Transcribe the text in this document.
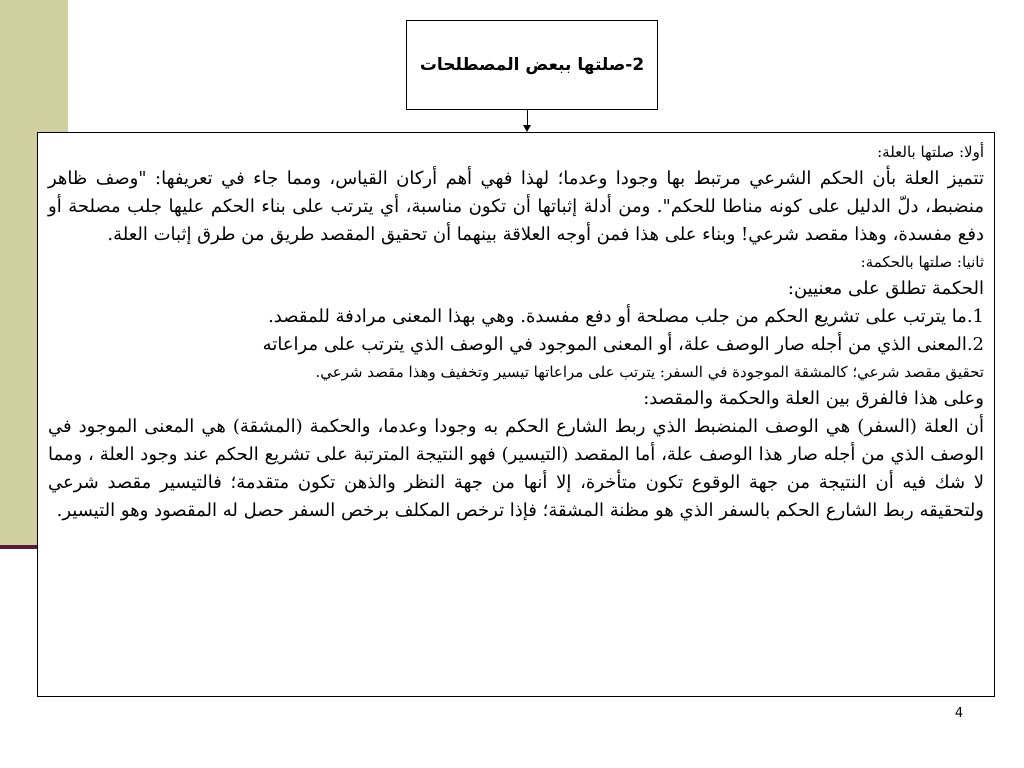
2-صلتها ببعض المصطلحات

أولا: صلتها بالعلة:

تتميز العلة بأن الحكم الشرعي مرتبط بها وجودا وعدما؛ لهذا فهي أهم أركان القياس، ومما جاء في تعريفها: "وصف ظاهر منضبط، دلّ الدليل على كونه مناطا للحكم". ومن أدلة إثباتها أن تكون مناسبة، أي يترتب على بناء الحكم عليها جلب مصلحة أو دفع مفسدة، وهذا مقصد شرعي! وبناء على هذا فمن أوجه العلاقة بينهما أن تحقيق المقصد طريق من طرق إثبات العلة.

ثانيا: صلتها بالحكمة:

الحكمة تطلق على معنيين:

1.ما يترتب على تشريع الحكم من جلب مصلحة أو دفع مفسدة. وهي بهذا المعنى مرادفة للمقصد.

2.المعنى الذي من أجله صار الوصف علة، أو المعنى الموجود في الوصف الذي يترتب على مراعاته

تحقيق مقصد شرعي؛ كالمشقة الموجودة في السفر: يترتب على مراعاتها تيسير وتخفيف وهذا مقصد شرعي.

وعلى هذا فالفرق بين العلة والحكمة والمقصد:

أن العلة (السفر) هي الوصف المنضبط الذي ربط الشارع الحكم به وجودا وعدما، والحكمة (المشقة) هي المعنى الموجود في الوصف الذي من أجله صار هذا الوصف علة، أما المقصد (التيسير) فهو النتيجة المترتبة على تشريع الحكم عند وجود العلة ، ومما لا شك فيه أن النتيجة من جهة الوقوع تكون متأخرة، إلا أنها من جهة النظر والذهن تكون متقدمة؛ فالتيسير مقصد شرعي ولتحقيقه ربط الشارع الحكم بالسفر الذي هو مظنة المشقة؛ فإذا ترخص المكلف برخص السفر حصل له المقصود وهو التيسير.

4
